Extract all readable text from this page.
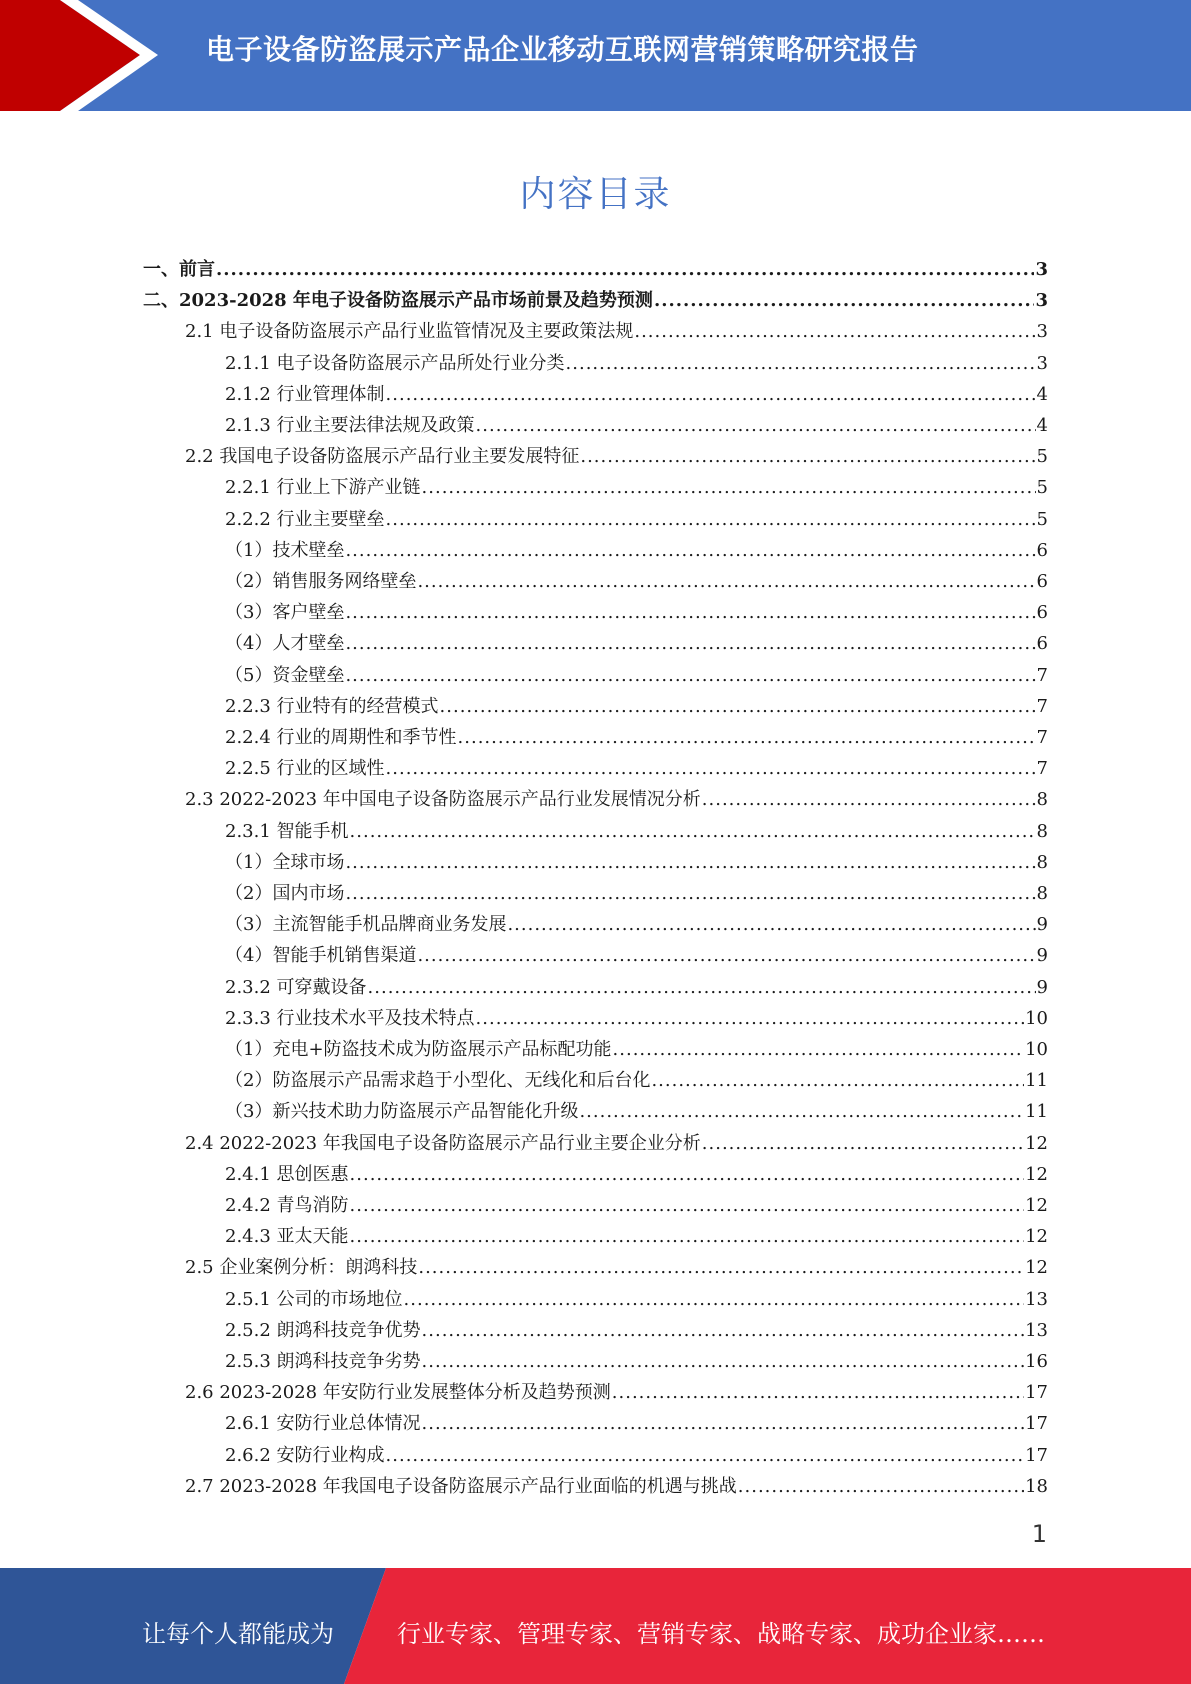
电子设备防盗展示产品企业移动互联网营销策略研究报告
内容目录
一、前言 .....	3
二、2023-2028 年电子设备防盗展示产品市场前景及趋势预测 .....	3
2.1 电子设备防盗展示产品行业监管情况及主要政策法规 .....	3
2.1.1 电子设备防盗展示产品所处行业分类 .....	3
2.1.2 行业管理体制 .....	4
2.1.3 行业主要法律法规及政策 .....	4
2.2 我国电子设备防盗展示产品行业主要发展特征 .....	5
2.2.1 行业上下游产业链 .....	5
2.2.2 行业主要壁垒 .....	5
（1）技术壁垒 .....	6
（2）销售服务网络壁垒 .....	6
（3）客户壁垒 .....	6
（4）人才壁垒 .....	6
（5）资金壁垒 .....	7
2.2.3 行业特有的经营模式 .....	7
2.2.4 行业的周期性和季节性 .....	7
2.2.5 行业的区域性 .....	7
2.3 2022-2023 年中国电子设备防盗展示产品行业发展情况分析 .....	8
2.3.1 智能手机 .....	8
（1）全球市场 .....	8
（2）国内市场 .....	8
（3）主流智能手机品牌商业务发展 .....	9
（4）智能手机销售渠道 .....	9
2.3.2 可穿戴设备 .....	9
2.3.3 行业技术水平及技术特点 .....	10
（1）充电+防盗技术成为防盗展示产品标配功能 .....	10
（2）防盗展示产品需求趋于小型化、无线化和后台化 .....	11
（3）新兴技术助力防盗展示产品智能化升级 .....	11
2.4 2022-2023 年我国电子设备防盗展示产品行业主要企业分析 .....	12
2.4.1 思创医惠 .....	12
2.4.2 青鸟消防 .....	12
2.4.3 亚太天能 .....	12
2.5 企业案例分析：朗鸿科技 .....	12
2.5.1 公司的市场地位 .....	13
2.5.2 朗鸿科技竞争优势 .....	13
2.5.3 朗鸿科技竞争劣势 .....	16
2.6 2023-2028 年安防行业发展整体分析及趋势预测 .....	17
2.6.1 安防行业总体情况 .....	17
2.6.2 安防行业构成 .....	17
2.7 2023-2028 年我国电子设备防盗展示产品行业面临的机遇与挑战 .....	18
1
让每个人都能成为	行业专家、管理专家、营销专家、战略专家、成功企业家……
